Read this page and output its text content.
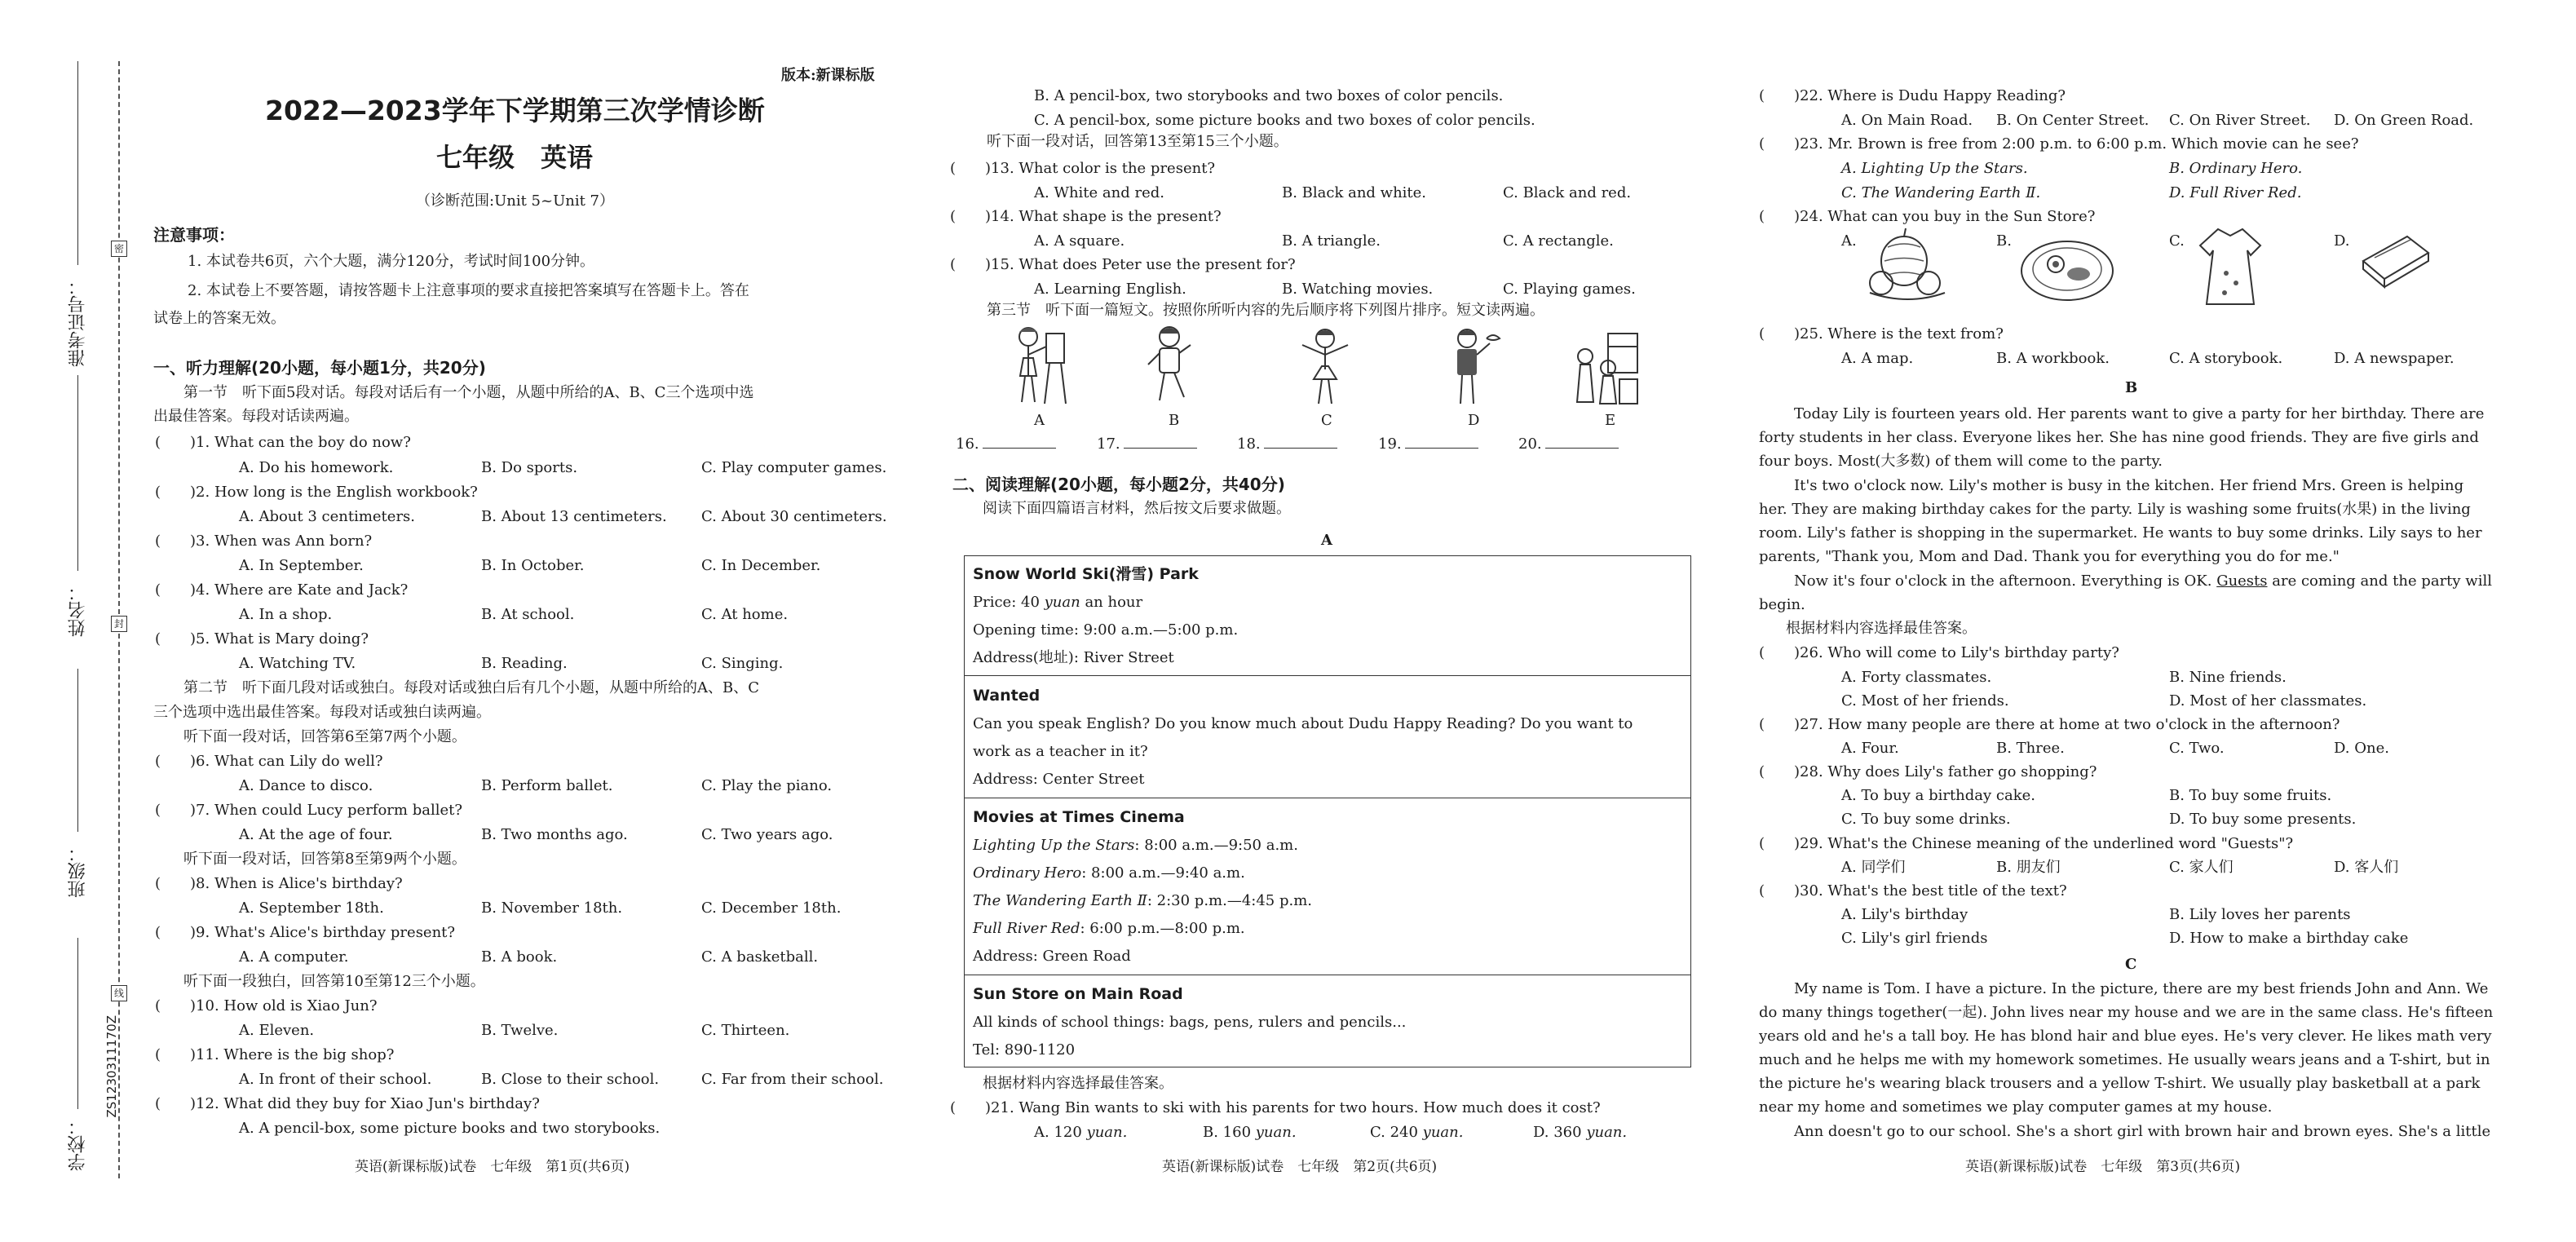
密
封
线
准考证号：
姓名：
班级：
学校：
ZS1230311170Z
版本:新课标版
2022—2023学年下学期第三次学情诊断
七年级　英语
（诊断范围:Unit 5~Unit 7）
注意事项：
1. 本试卷共6页，六个大题，满分120分，考试时间100分钟。
2. 本试卷上不要答题，请按答题卡上注意事项的要求直接把答案填写在答题卡上。答在
试卷上的答案无效。
一、听力理解(20小题，每小题1分，共20分)
第一节　听下面5段对话。每段对话后有一个小题，从题中所给的A、B、C三个选项中选
出最佳答案。每段对话读两遍。
(　　)1. What can the boy do now?
A. Do his homework.	B. Do sports.	C. Play computer games.
(　　)2. How long is the English workbook?
A. About 3 centimeters.	B. About 13 centimeters. C. About 30 centimeters.
(　　)3. When was Ann born?
A. In September.	B. In October.	C. In December.
(　　)4. Where are Kate and Jack?
A. In a shop.	B. At school.	C. At home.
(　　)5. What is Mary doing?
A. Watching TV.	B. Reading.	C. Singing.
第二节　听下面几段对话或独白。每段对话或独白后有几个小题，从题中所给的A、B、C
三个选项中选出最佳答案。每段对话或独白读两遍。
听下面一段对话，回答第6至第7两个小题。
(　　)6. What can Lily do well?
A. Dance to disco.	B. Perform ballet.	C. Play the piano.
(　　)7. When could Lucy perform ballet?
A. At the age of four.	B. Two months ago.	C. Two years ago.
听下面一段对话，回答第8至第9两个小题。
(　　)8. When is Alice's birthday?
A. September 18th.	B. November 18th.	C. December 18th.
(　　)9. What's Alice's birthday present?
A. A computer.	B. A book.	C. A basketball.
听下面一段独白，回答第10至第12三个小题。
(　　)10. How old is Xiao Jun?
A. Eleven.	B. Twelve.	C. Thirteen.
(　　)11. Where is the big shop?
A. In front of their school.	B. Close to their school.	C. Far from their school.
(　　)12. What did they buy for Xiao Jun's birthday?
A. A pencil-box, some picture books and two storybooks.
英语(新课标版)试卷　七年级　第1页(共6页)
B. A pencil-box, two storybooks and two boxes of color pencils.
C. A pencil-box, some picture books and two boxes of color pencils.
听下面一段对话，回答第13至第15三个小题。
(　　)13. What color is the present?
A. White and red.	B. Black and white.	C. Black and red.
(　　)14. What shape is the present?
A. A square.	B. A triangle.	C. A rectangle.
(　　)15. What does Peter use the present for?
A. Learning English.	B. Watching movies.	C. Playing games.
第三节　听下面一篇短文。按照你所听内容的先后顺序将下列图片排序。短文读两遍。
A	B	C	D	E
16.	17.	18.	19.	20.
二、阅读理解(20小题，每小题2分，共40分)
阅读下面四篇语言材料，然后按文后要求做题。
A
Snow World Ski(滑雪) Park
Price: 40 yuan an hour
Opening time: 9:00 a.m.—5:00 p.m.
Address(地址): River Street
Wanted
Can you speak English? Do you know much about Dudu Happy Reading? Do you want to
work as a teacher in it?
Address: Center Street
Movies at Times Cinema
Lighting Up the Stars: 8:00 a.m.—9:50 a.m.
Ordinary Hero: 8:00 a.m.—9:40 a.m.
The Wandering Earth Ⅱ: 2:30 p.m.—4:45 p.m.
Full River Red: 6:00 p.m.—8:00 p.m.
Address: Green Road
Sun Store on Main Road
All kinds of school things: bags, pens, rulers and pencils...
Tel: 890-1120
根据材料内容选择最佳答案。
(　　)21. Wang Bin wants to ski with his parents for two hours. How much does it cost?
A. 120 yuan.	B. 160 yuan.	C. 240 yuan.	D. 360 yuan.
英语(新课标版)试卷　七年级　第2页(共6页)
(　　)22. Where is Dudu Happy Reading?
A. On Main Road. B. On Center Street. C. On River Street. D. On Green Road.
(　　)23. Mr. Brown is free from 2:00 p.m. to 6:00 p.m. Which movie can he see?
A. Lighting Up the Stars.	B. Ordinary Hero.
C. The Wandering Earth Ⅱ.	D. Full River Red.
(　　)24. What can you buy in the Sun Store?
A.	B.	C.	D.
(　　)25. Where is the text from?
A. A map.	B. A workbook.	C. A storybook.	D. A newspaper.
B
Today Lily is fourteen years old. Her parents want to give a party for her birthday. There are
forty students in her class. Everyone likes her. She has nine good friends. They are five girls and
four boys. Most(大多数) of them will come to the party.
It's two o'clock now. Lily's mother is busy in the kitchen. Her friend Mrs. Green is helping
her. They are making birthday cakes for the party. Lily is washing some fruits(水果) in the living
room. Lily's father is shopping in the supermarket. He wants to buy some drinks. Lily says to her
parents, "Thank you, Mom and Dad. Thank you for everything you do for me."
Now it's four o'clock in the afternoon. Everything is OK. Guests are coming and the party will
begin.
根据材料内容选择最佳答案。
(　　)26. Who will come to Lily's birthday party?
A. Forty classmates.	B. Nine friends.
C. Most of her friends.	D. Most of her classmates.
(　　)27. How many people are there at home at two o'clock in the afternoon?
A. Four.	B. Three.	C. Two.	D. One.
(　　)28. Why does Lily's father go shopping?
A. To buy a birthday cake.	B. To buy some fruits.
C. To buy some drinks.	D. To buy some presents.
(　　)29. What's the Chinese meaning of the underlined word "Guests"?
A. 同学们	B. 朋友们	C. 家人们	D. 客人们
(　　)30. What's the best title of the text?
A. Lily's birthday	B. Lily loves her parents
C. Lily's girl friends	D. How to make a birthday cake
C
My name is Tom. I have a picture. In the picture, there are my best friends John and Ann. We
do many things together(一起). John lives near my house and we are in the same class. He's fifteen
years old and he's a tall boy. He has blond hair and blue eyes. He's very clever. He likes math very
much and he helps me with my homework sometimes. He usually wears jeans and a T-shirt, but in
the picture he's wearing black trousers and a yellow T-shirt. We usually play basketball at a park
near my home and sometimes we play computer games at my house.
Ann doesn't go to our school. She's a short girl with brown hair and brown eyes. She's a little
英语(新课标版)试卷　七年级　第3页(共6页)
